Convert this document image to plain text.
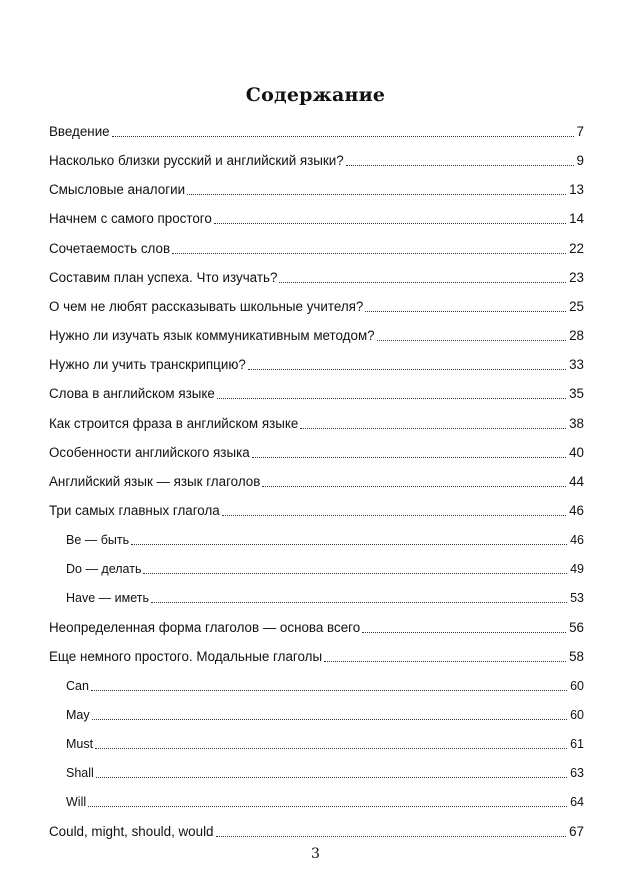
Содержание
Введение	7
Насколько близки русский и английский языки?	9
Смысловые аналогии	13
Начнем с самого простого	14
Сочетаемость слов	22
Составим план успеха. Что изучать?	23
О чем не любят рассказывать школьные учителя?	25
Нужно ли изучать язык коммуникативным методом?	28
Нужно ли учить транскрипцию?	33
Слова в английском языке	35
Как строится фраза в английском языке	38
Особенности английского языка	40
Английский язык — язык глаголов	44
Три самых главных глагола	46
Be — быть	46
Do — делать	49
Have — иметь	53
Неопределенная форма глаголов — основа всего	56
Еще немного простого. Модальные глаголы	58
Can	60
May	60
Must	61
Shall	63
Will	64
Could, might, should, would	67
3
